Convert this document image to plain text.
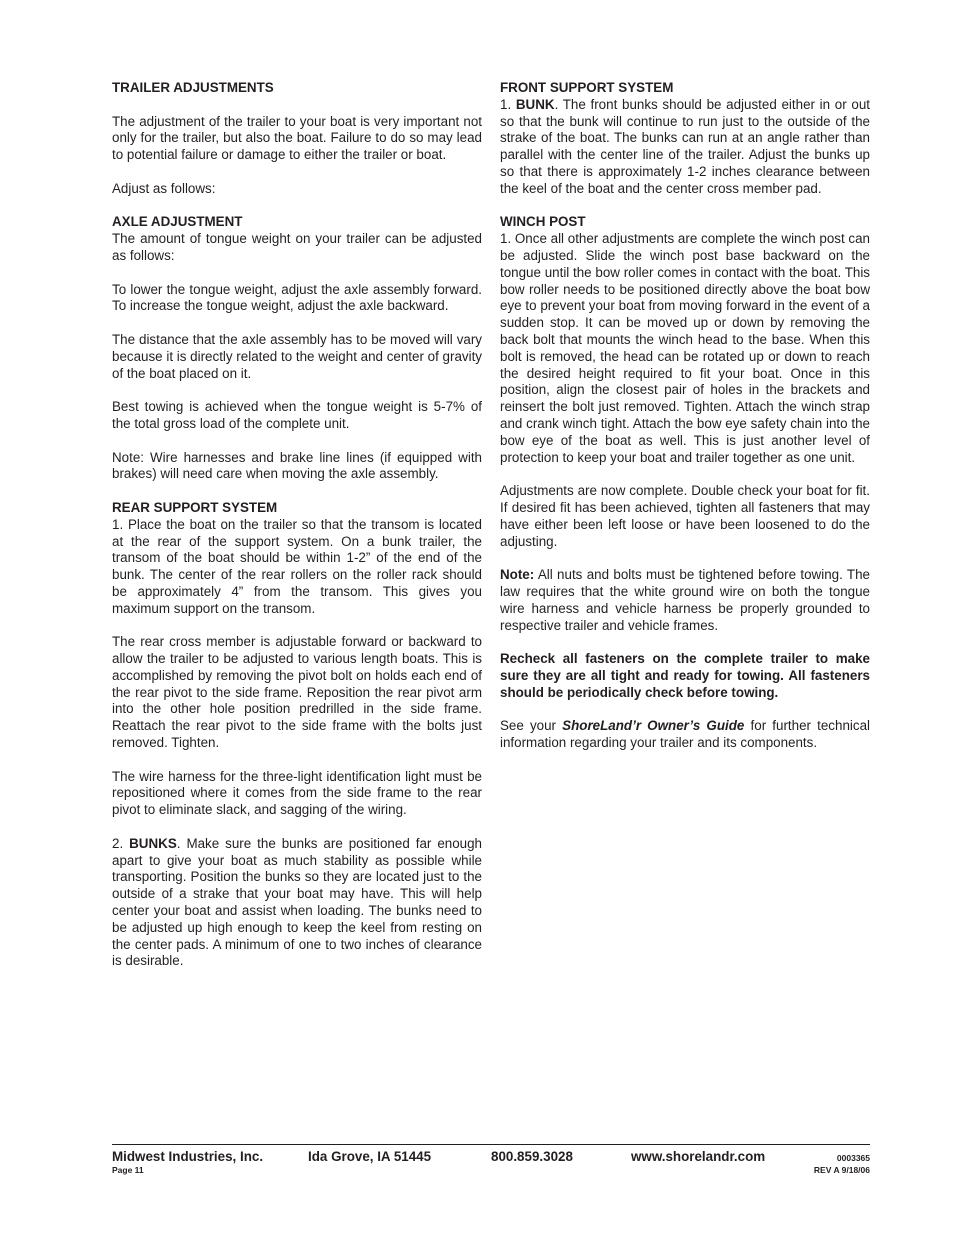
TRAILER ADJUSTMENTS

The adjustment of the trailer to your boat is very important not only for the trailer, but also the boat. Failure to do so may lead to potential failure or damage to either the trailer or boat.

Adjust as follows:

AXLE ADJUSTMENT

The amount of tongue weight on your trailer can be adjusted as follows:

To lower the tongue weight, adjust the axle assembly forward. To increase the tongue weight, adjust the axle backward.

The distance that the axle assembly has to be moved will vary because it is directly related to the weight and center of gravity of the boat placed on it.

Best towing is achieved when the tongue weight is 5-7% of the total gross load of the complete unit.

Note: Wire harnesses and brake line lines (if equipped with brakes) will need care when moving the axle assembly.

REAR SUPPORT SYSTEM

1. Place the boat on the trailer so that the transom is located at the rear of the support system. On a bunk trailer, the transom of the boat should be within 1-2” of the end of the bunk. The center of the rear rollers on the roller rack should be approximately 4” from the transom. This gives you maximum support on the transom.

The rear cross member is adjustable forward or backward to allow the trailer to be adjusted to various length boats. This is accomplished by removing the pivot bolt on holds each end of the rear pivot to the side frame. Reposition the rear pivot arm into the other hole position predrilled in the side frame. Reattach the rear pivot to the side frame with the bolts just removed. Tighten.

The wire harness for the three-light identification light must be repositioned where it comes from the side frame to the rear pivot to eliminate slack, and sagging of the wiring.

2. BUNKS. Make sure the bunks are positioned far enough apart to give your boat as much stability as possible while transporting. Position the bunks so they are located just to the outside of a strake that your boat may have. This will help center your boat and assist when loading. The bunks need to be adjusted up high enough to keep the keel from resting on the center pads. A minimum of one to two inches of clearance is desirable.

FRONT SUPPORT SYSTEM

1. BUNK. The front bunks should be adjusted either in or out so that the bunk will continue to run just to the outside of the strake of the boat. The bunks can run at an angle rather than parallel with the center line of the trailer. Adjust the bunks up so that there is approximately 1-2 inches clearance between the keel of the boat and the center cross member pad.

WINCH POST

1. Once all other adjustments are complete the winch post can be adjusted. Slide the winch post base backward on the tongue until the bow roller comes in contact with the boat. This bow roller needs to be positioned directly above the boat bow eye to prevent your boat from moving forward in the event of a sudden stop. It can be moved up or down by removing the back bolt that mounts the winch head to the base. When this bolt is removed, the head can be rotated up or down to reach the desired height required to fit your boat. Once in this position, align the closest pair of holes in the brackets and reinsert the bolt just removed. Tighten. Attach the winch strap and crank winch tight. Attach the bow eye safety chain into the bow eye of the boat as well. This is just another level of protection to keep your boat and trailer together as one unit.

Adjustments are now complete. Double check your boat for fit. If desired fit has been achieved, tighten all fasteners that may have either been left loose or have been loosened to do the adjusting.

Note: All nuts and bolts must be tightened before towing. The law requires that the white ground wire on both the tongue wire harness and vehicle harness be properly grounded to respective trailer and vehicle frames.

Recheck all fasteners on the complete trailer to make sure they are all tight and ready for towing. All fasteners should be periodically check before towing.

See your ShoreLand’r Owner’s Guide for further technical information regarding your trailer and its components.

Midwest Industries, Inc.	Ida Grove, IA 51445	800.859.3028	www.shorelandr.com	0003365
Page 11	REV A 9/18/06
